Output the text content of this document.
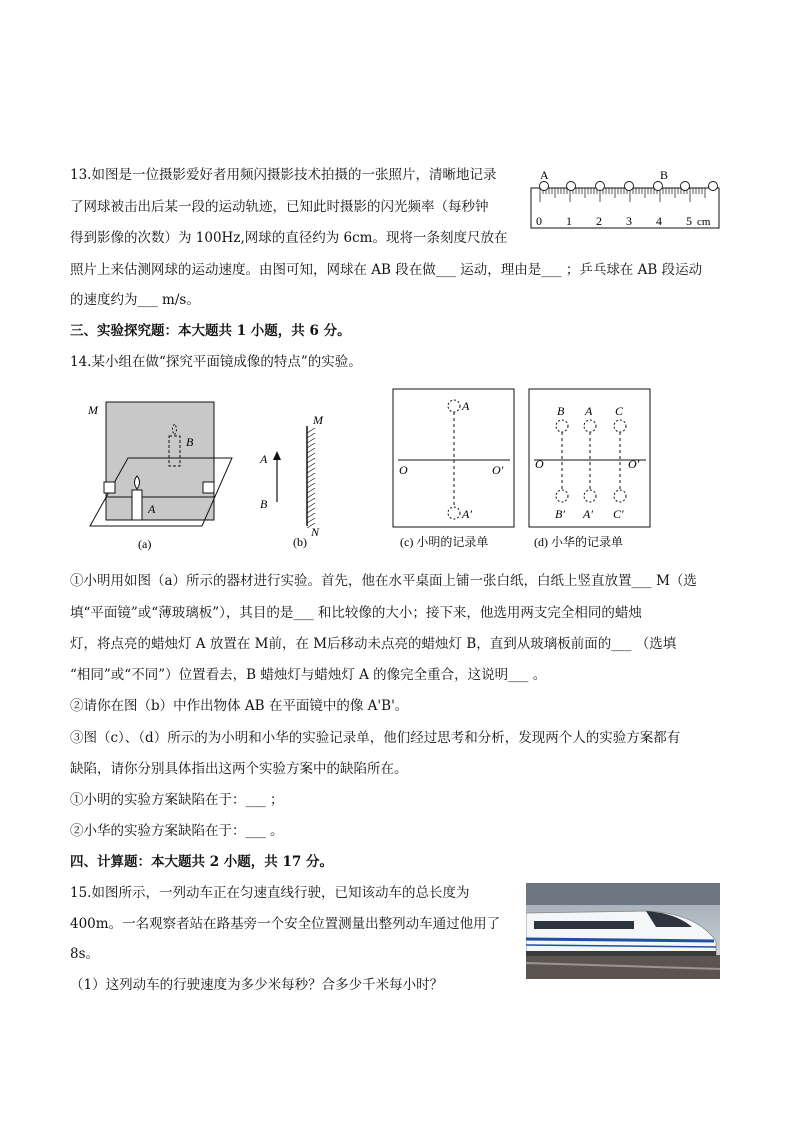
13.如图是一位摄影爱好者用频闪摄影技术拍摄的一张照片，清晰地记录
了网球被击出后某一段的运动轨迹，已知此时摄影的闪光频率（每秒钟
得到影像的次数）为 100Hz,网球的直径约为 6cm。现将一条刻度尺放在
照片上来估测网球的运动速度。由图可知，网球在 AB 段在做___ 运动，理由是___ ；乒乓球在 AB 段运动
的速度约为___ m/s。
A	B
0 1 2 3 4 5 cm
三、实验探究题：本大题共 1 小题，共 6 分。
14.某小组在做“探究平面镜成像的特点”的实验。
M
B
A
(a)
M
N
A
B
(b)
A
A′
O	O′
(c) 小明的记录单
B A C
B′ A′ C′
O	O′
(d) 小华的记录单
①小明用如图（a）所示的器材进行实验。首先，他在水平桌面上铺一张白纸，白纸上竖直放置___ M（选
填“平面镜”或“薄玻璃板”），其目的是___ 和比较像的大小；接下来，他选用两支完全相同的蜡烛
灯，将点亮的蜡烛灯 A 放置在 M前，在 M后移动未点亮的蜡烛灯 B，直到从玻璃板前面的___ （选填
“相同”或“不同”）位置看去，B 蜡烛灯与蜡烛灯 A 的像完全重合，这说明___ 。
②请你在图（b）中作出物体 AB 在平面镜中的像 A'B'。
③图（c）、（d）所示的为小明和小华的实验记录单，他们经过思考和分析，发现两个人的实验方案都有
缺陷，请你分别具体指出这两个实验方案中的缺陷所在。
①小明的实验方案缺陷在于：___ ；
②小华的实验方案缺陷在于：___ 。
四、计算题：本大题共 2 小题，共 17 分。
15.如图所示，一列动车正在匀速直线行驶，已知该动车的总长度为
400m。一名观察者站在路基旁一个安全位置测量出整列动车通过他用了
8s。
（1）这列动车的行驶速度为多少米每秒？合多少千米每小时？
